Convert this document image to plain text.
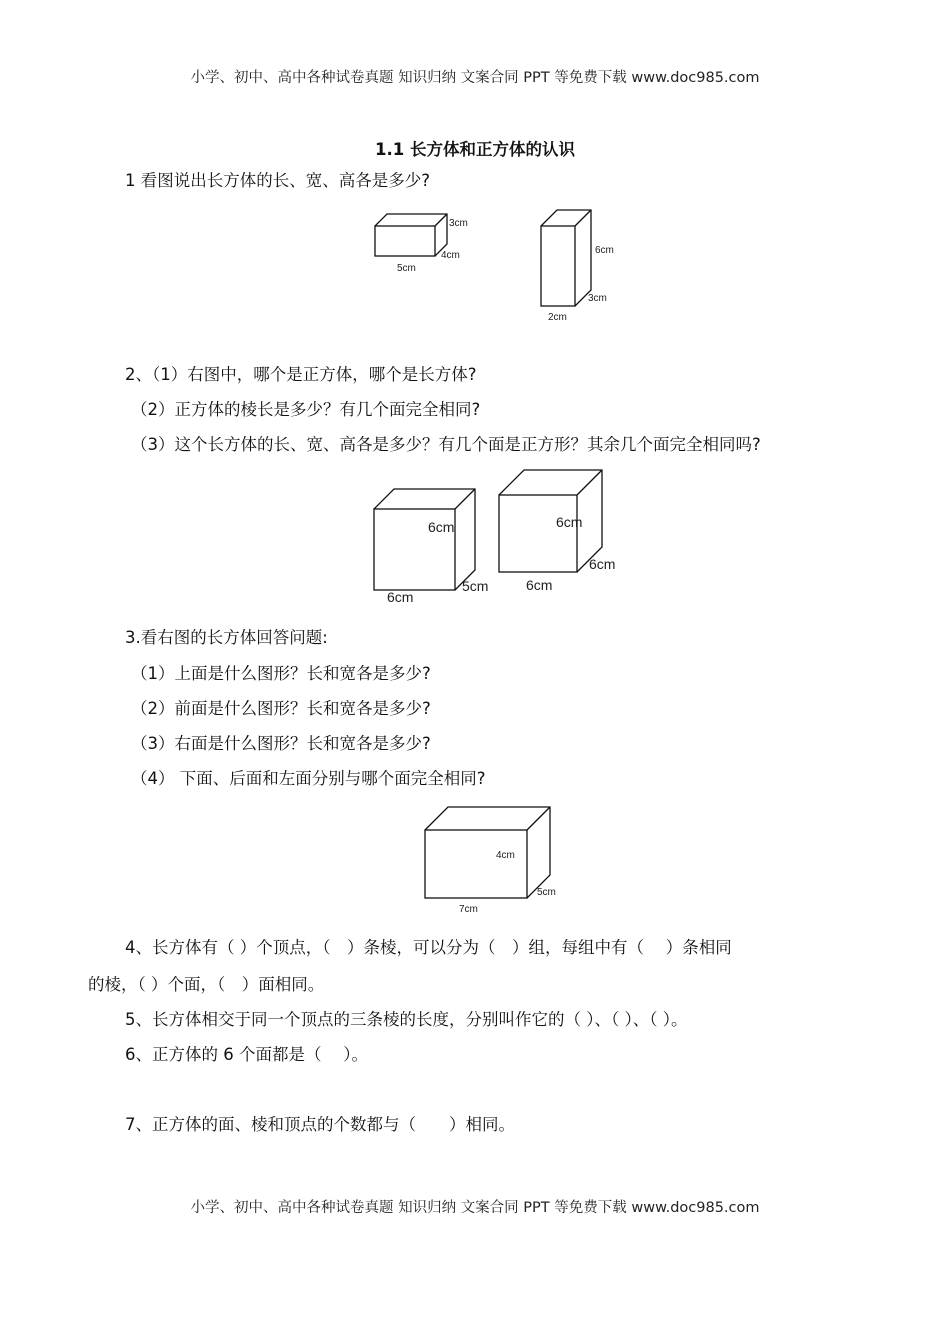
小学、初中、高中各种试卷真题 知识归纳 文案合同 PPT 等免费下载 www.doc985.com
1.1 长方体和正方体的认识
1 看图说出长方体的长、宽、高各是多少?
2、（1）右图中，哪个是正方体，哪个是长方体?
（2）正方体的棱长是多少？有几个面完全相同?
（3）这个长方体的长、宽、高各是多少？有几个面是正方形？其余几个面完全相同吗?
3.看右图的长方体回答问题:
（1）上面是什么图形？长和宽各是多少?
（2）前面是什么图形？长和宽各是多少?
（3）右面是什么图形？长和宽各是多少?
（4） 下面、后面和左面分别与哪个面完全相同?
4、长方体有（ ）个顶点，（　）条棱，可以分为（　）组，每组中有（　 ）条相同
的棱，（ ）个面，（　）面相同。
5、长方体相交于同一个顶点的三条棱的长度，分别叫作它的（ ）、（ ）、（ ）。
6、正方体的 6 个面都是（　 ）。
7、正方体的面、棱和顶点的个数都与（　　）相同。
小学、初中、高中各种试卷真题 知识归纳 文案合同 PPT 等免费下载 www.doc985.com
3cm
4cm
5cm
6cm
3cm
2cm
6cm
5cm
6cm
6cm
6cm
6cm
4cm
5cm
7cm
